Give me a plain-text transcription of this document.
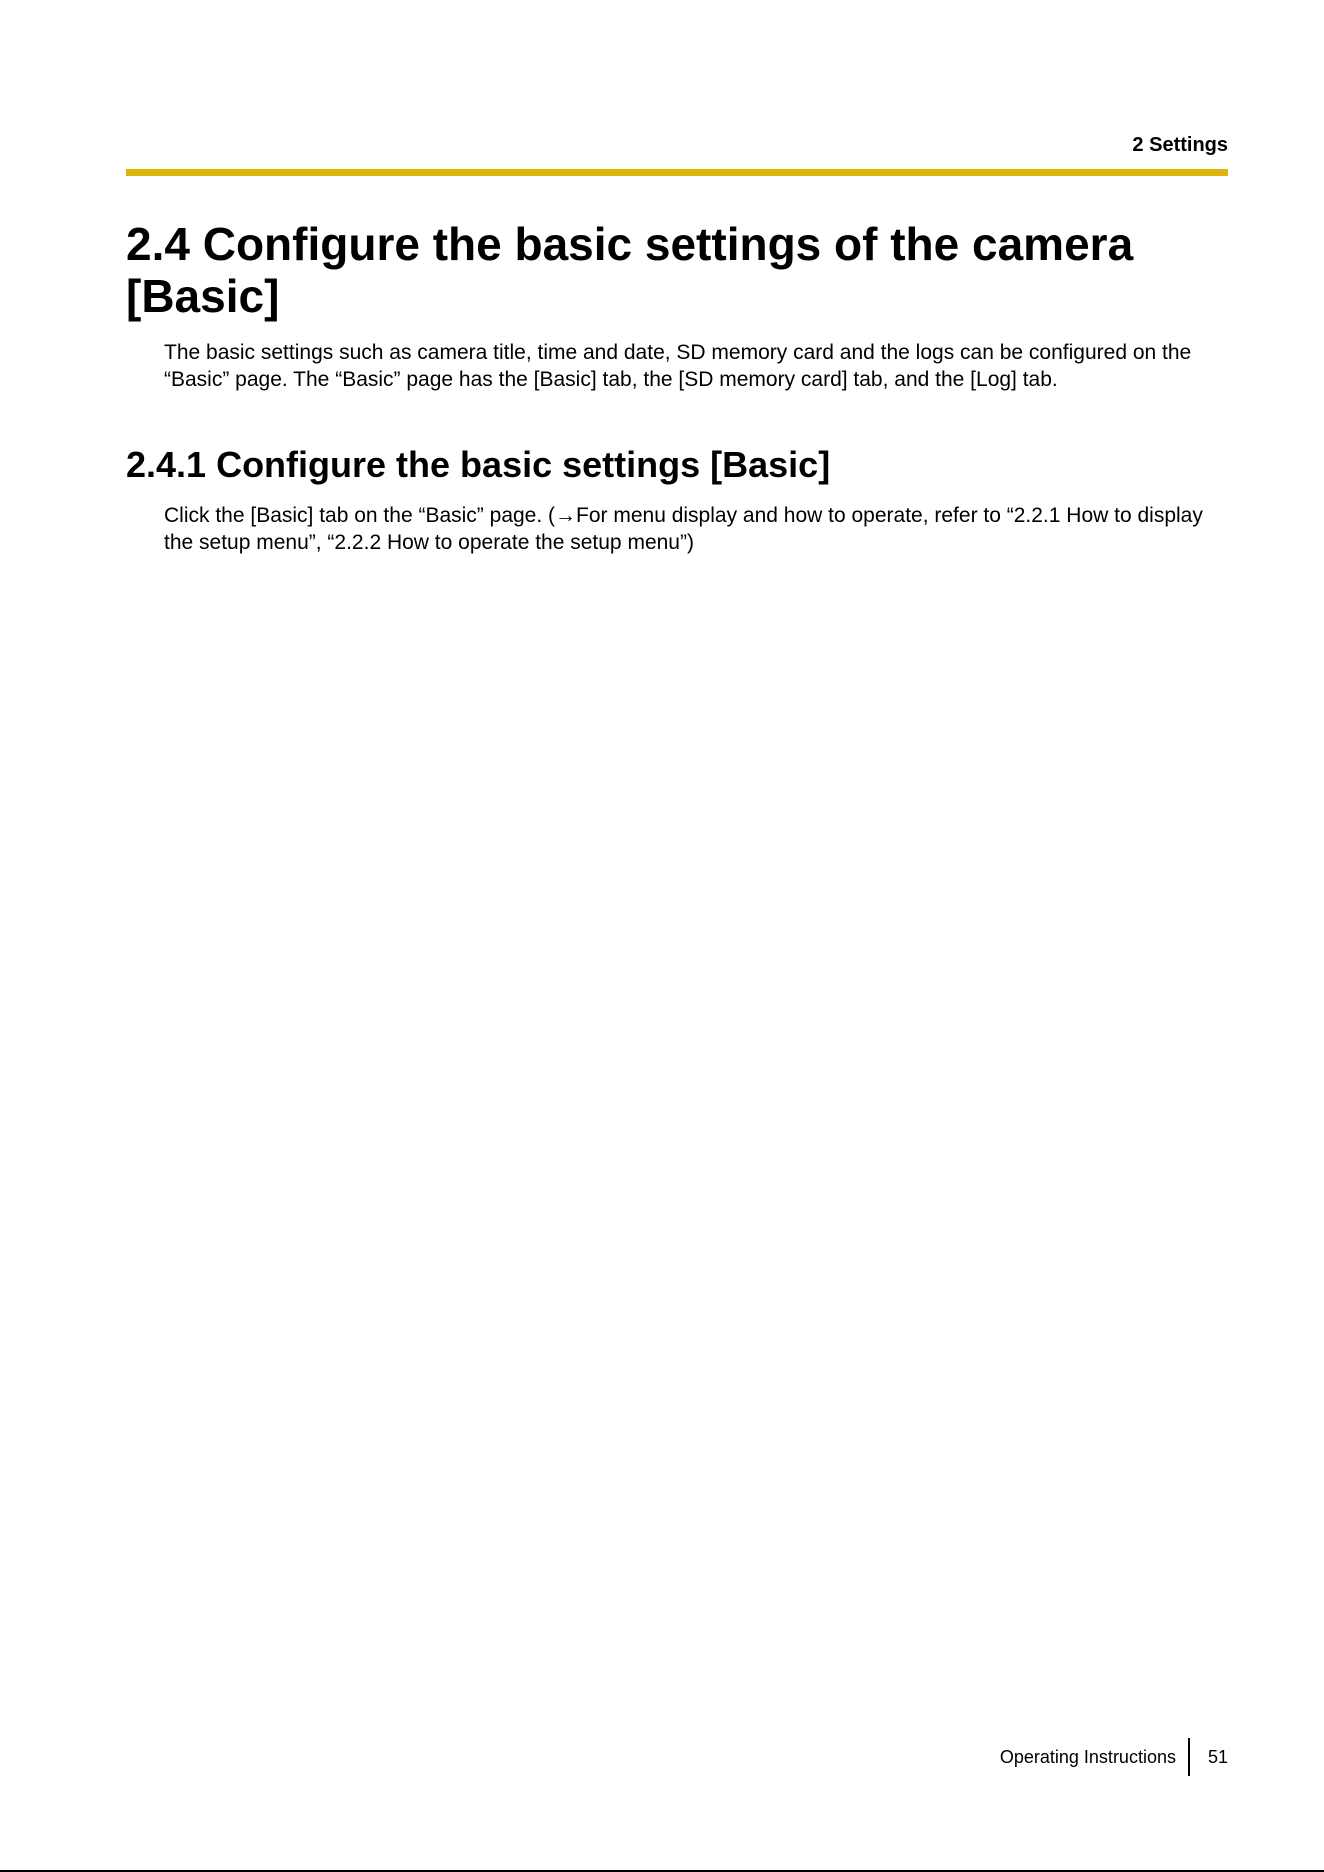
2 Settings
2.4 Configure the basic settings of the camera [Basic]

The basic settings such as camera title, time and date, SD memory card and the logs can be configured on the “Basic” page. The “Basic” page has the [Basic] tab, the [SD memory card] tab, and the [Log] tab.

2.4.1 Configure the basic settings [Basic]

Click the [Basic] tab on the “Basic” page. (→For menu display and how to operate, refer to “2.2.1 How to display the setup menu”, “2.2.2 How to operate the setup menu”)

Operating Instructions 51
